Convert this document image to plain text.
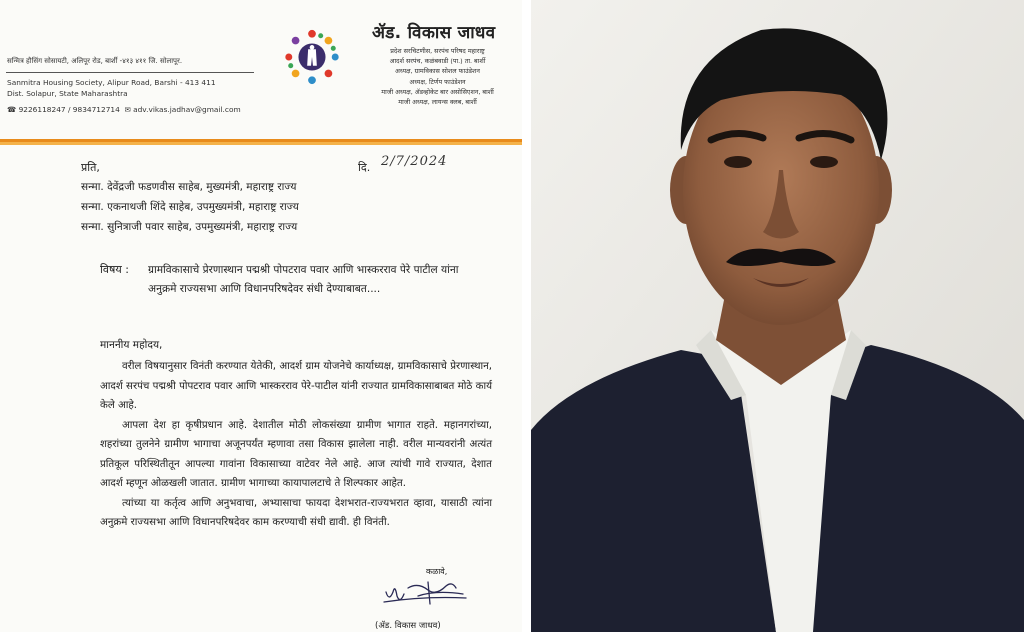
सन्मित्र हौसिंग सोसायटी, अलिपूर रोड, बार्शी -४१३ ४११ जि. सोलापूर.
Sanmitra Housing Society, Alipur Road, Barshi - 413 411
Dist. Solapur, State Maharashtra
☎ 9226118247 / 9834712714 ✉ adv.vikas.jadhav@gmail.com
ॲड. विकास जाधव
प्रदेश सरचिटणीस, सरपंच परिषद महाराष्ट्र
आदर्श सरपंच, कळंबवाडी (पा.) ता. बार्शी
अध्यक्ष, ग्रामविकास सोशल फाउंडेशन
अध्यक्ष, टिर्णप फाउंडेशन
माजी अध्यक्ष, ॲडव्होकेट बार असोसिएशन, बार्शी
माजी अध्यक्ष, लायन्स क्लब, बार्शी
प्रति,	दि. 2/7/2024
सन्मा. देवेंद्रजी फडणवीस साहेब, मुख्यमंत्री, महाराष्ट्र राज्य
सन्मा. एकनाथजी शिंदे साहेब, उपमुख्यमंत्री, महाराष्ट्र राज्य
सन्मा. सुनित्राजी पवार साहेब, उपमुख्यमंत्री, महाराष्ट्र राज्य
विषय : ग्रामविकासाचे प्रेरणास्थान पद्मश्री पोपटराव पवार आणि भास्करराव पेरे पाटील यांना अनुक्रमे राज्यसभा आणि विधानपरिषदेवर संधी देण्याबाबत....
माननीय महोदय,

वरील विषयानुसार विनंती करण्यात येतेकी, आदर्श ग्राम योजनेचे कार्याध्यक्ष, ग्रामविकासाचे प्रेरणास्थान, आदर्श सरपंच पद्मश्री पोपटराव पवार आणि भास्करराव पेरे-पाटील यांनी राज्यात ग्रामविकासाबाबत मोठे कार्य केले आहे.

आपला देश हा कृषीप्रधान आहे. देशातील मोठी लोकसंख्या ग्रामीण भागात राहते. महानगरांच्या, शहरांच्या तुलनेने ग्रामीण भागाचा अजूनपर्यंत म्हणावा तसा विकास झालेला नाही. वरील मान्यवरांनी अत्यंत प्रतिकूल परिस्थितीतून आपल्या गावांना विकासाच्या वाटेवर नेले आहे. आज त्यांची गावे राज्यात, देशात आदर्श म्हणून ओळखली जातात. ग्रामीण भागाच्या कायापालटाचे ते शिल्पकार आहेत.

त्यांच्या या कर्तृत्व आणि अनुभवाचा, अभ्यासाचा फायदा देशभरात-राज्यभरात व्हावा, यासाठी त्यांना अनुक्रमे राज्यसभा आणि विधानपरिषदेवर काम करण्याची संधी द्यावी. ही विनंती.

कळावे,
(ॲड. विकास जाधव)
